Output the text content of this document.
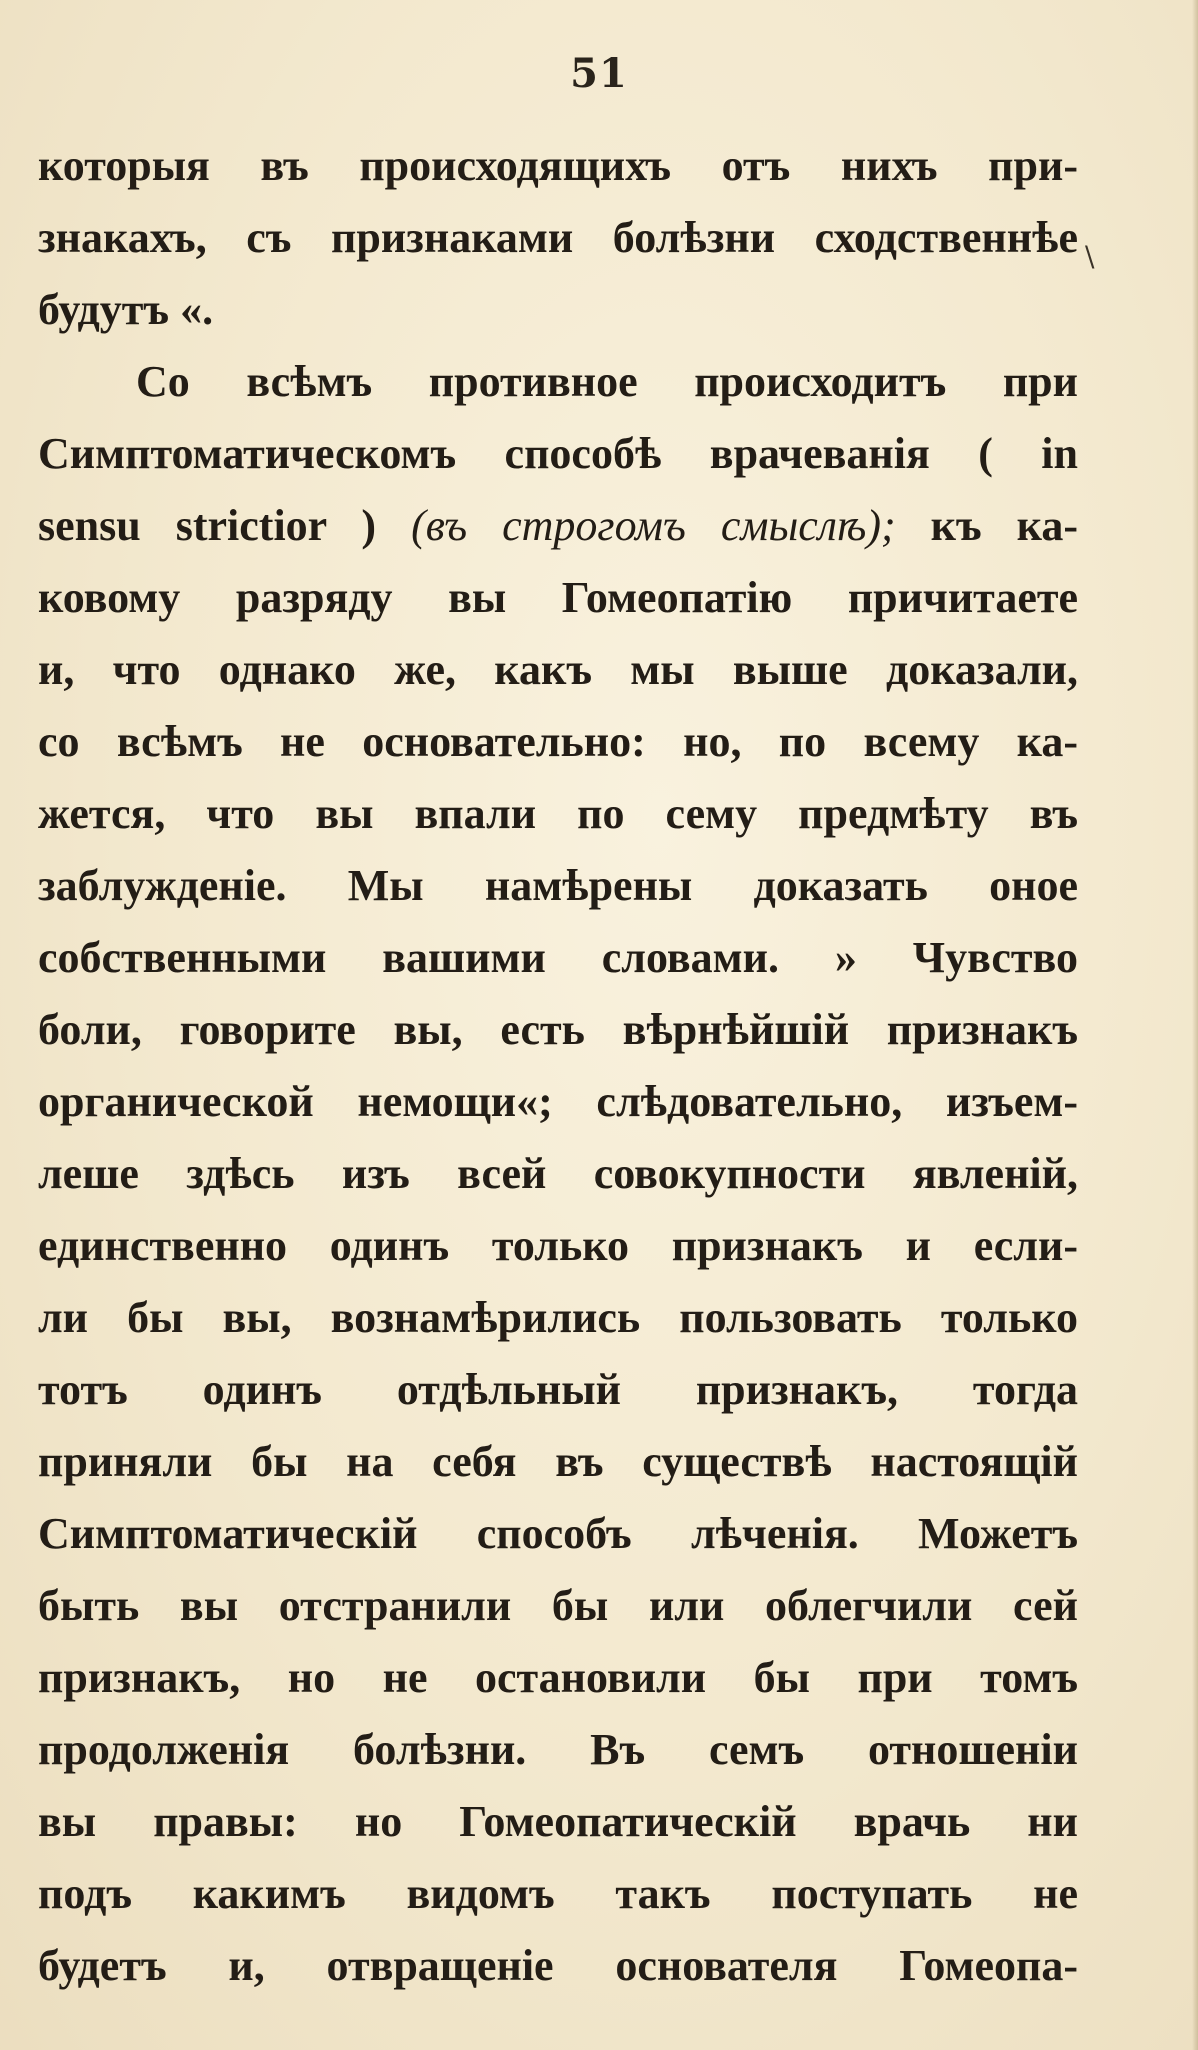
51
\
которыя въ происходящихъ отъ нихъ при-
знакахъ, съ признаками болѣзни сходственнѣе
будутъ «.
Со всѣмъ противное происходитъ при
Симптоматическомъ способѣ врачеванія ( in
sensu strictior ) (въ строгомъ смыслѣ); къ ка-
ковому разряду вы Гомеопатію причитаете
и, что однако же, какъ мы выше доказали,
со всѣмъ не основательно: но, по всему ка-
жется, что вы впали по сему предмѣту въ
заблужденіе. Мы намѣрены доказать оное
собственными вашими словами. » Чувство
боли, говорите вы, есть вѣрнѣйшій признакъ
органической немощи«; слѣдовательно, изъем-
леше здѣсь изъ всей совокупности явленій,
единственно одинъ только признакъ и если-
ли бы вы, вознамѣрились пользовать только
тотъ одинъ отдѣльный признакъ, тогда
приняли бы на себя въ существѣ настоящій
Симптоматическій способъ лѣченія. Можетъ
быть вы отстранили бы или облегчили сей
признакъ, но не остановили бы при томъ
продолженія болѣзни. Въ семъ отношеніи
вы правы: но Гомеопатическій врачь ни
подъ какимъ видомъ такъ поступать не
будетъ и, отвращеніе основателя Гомеопа-
